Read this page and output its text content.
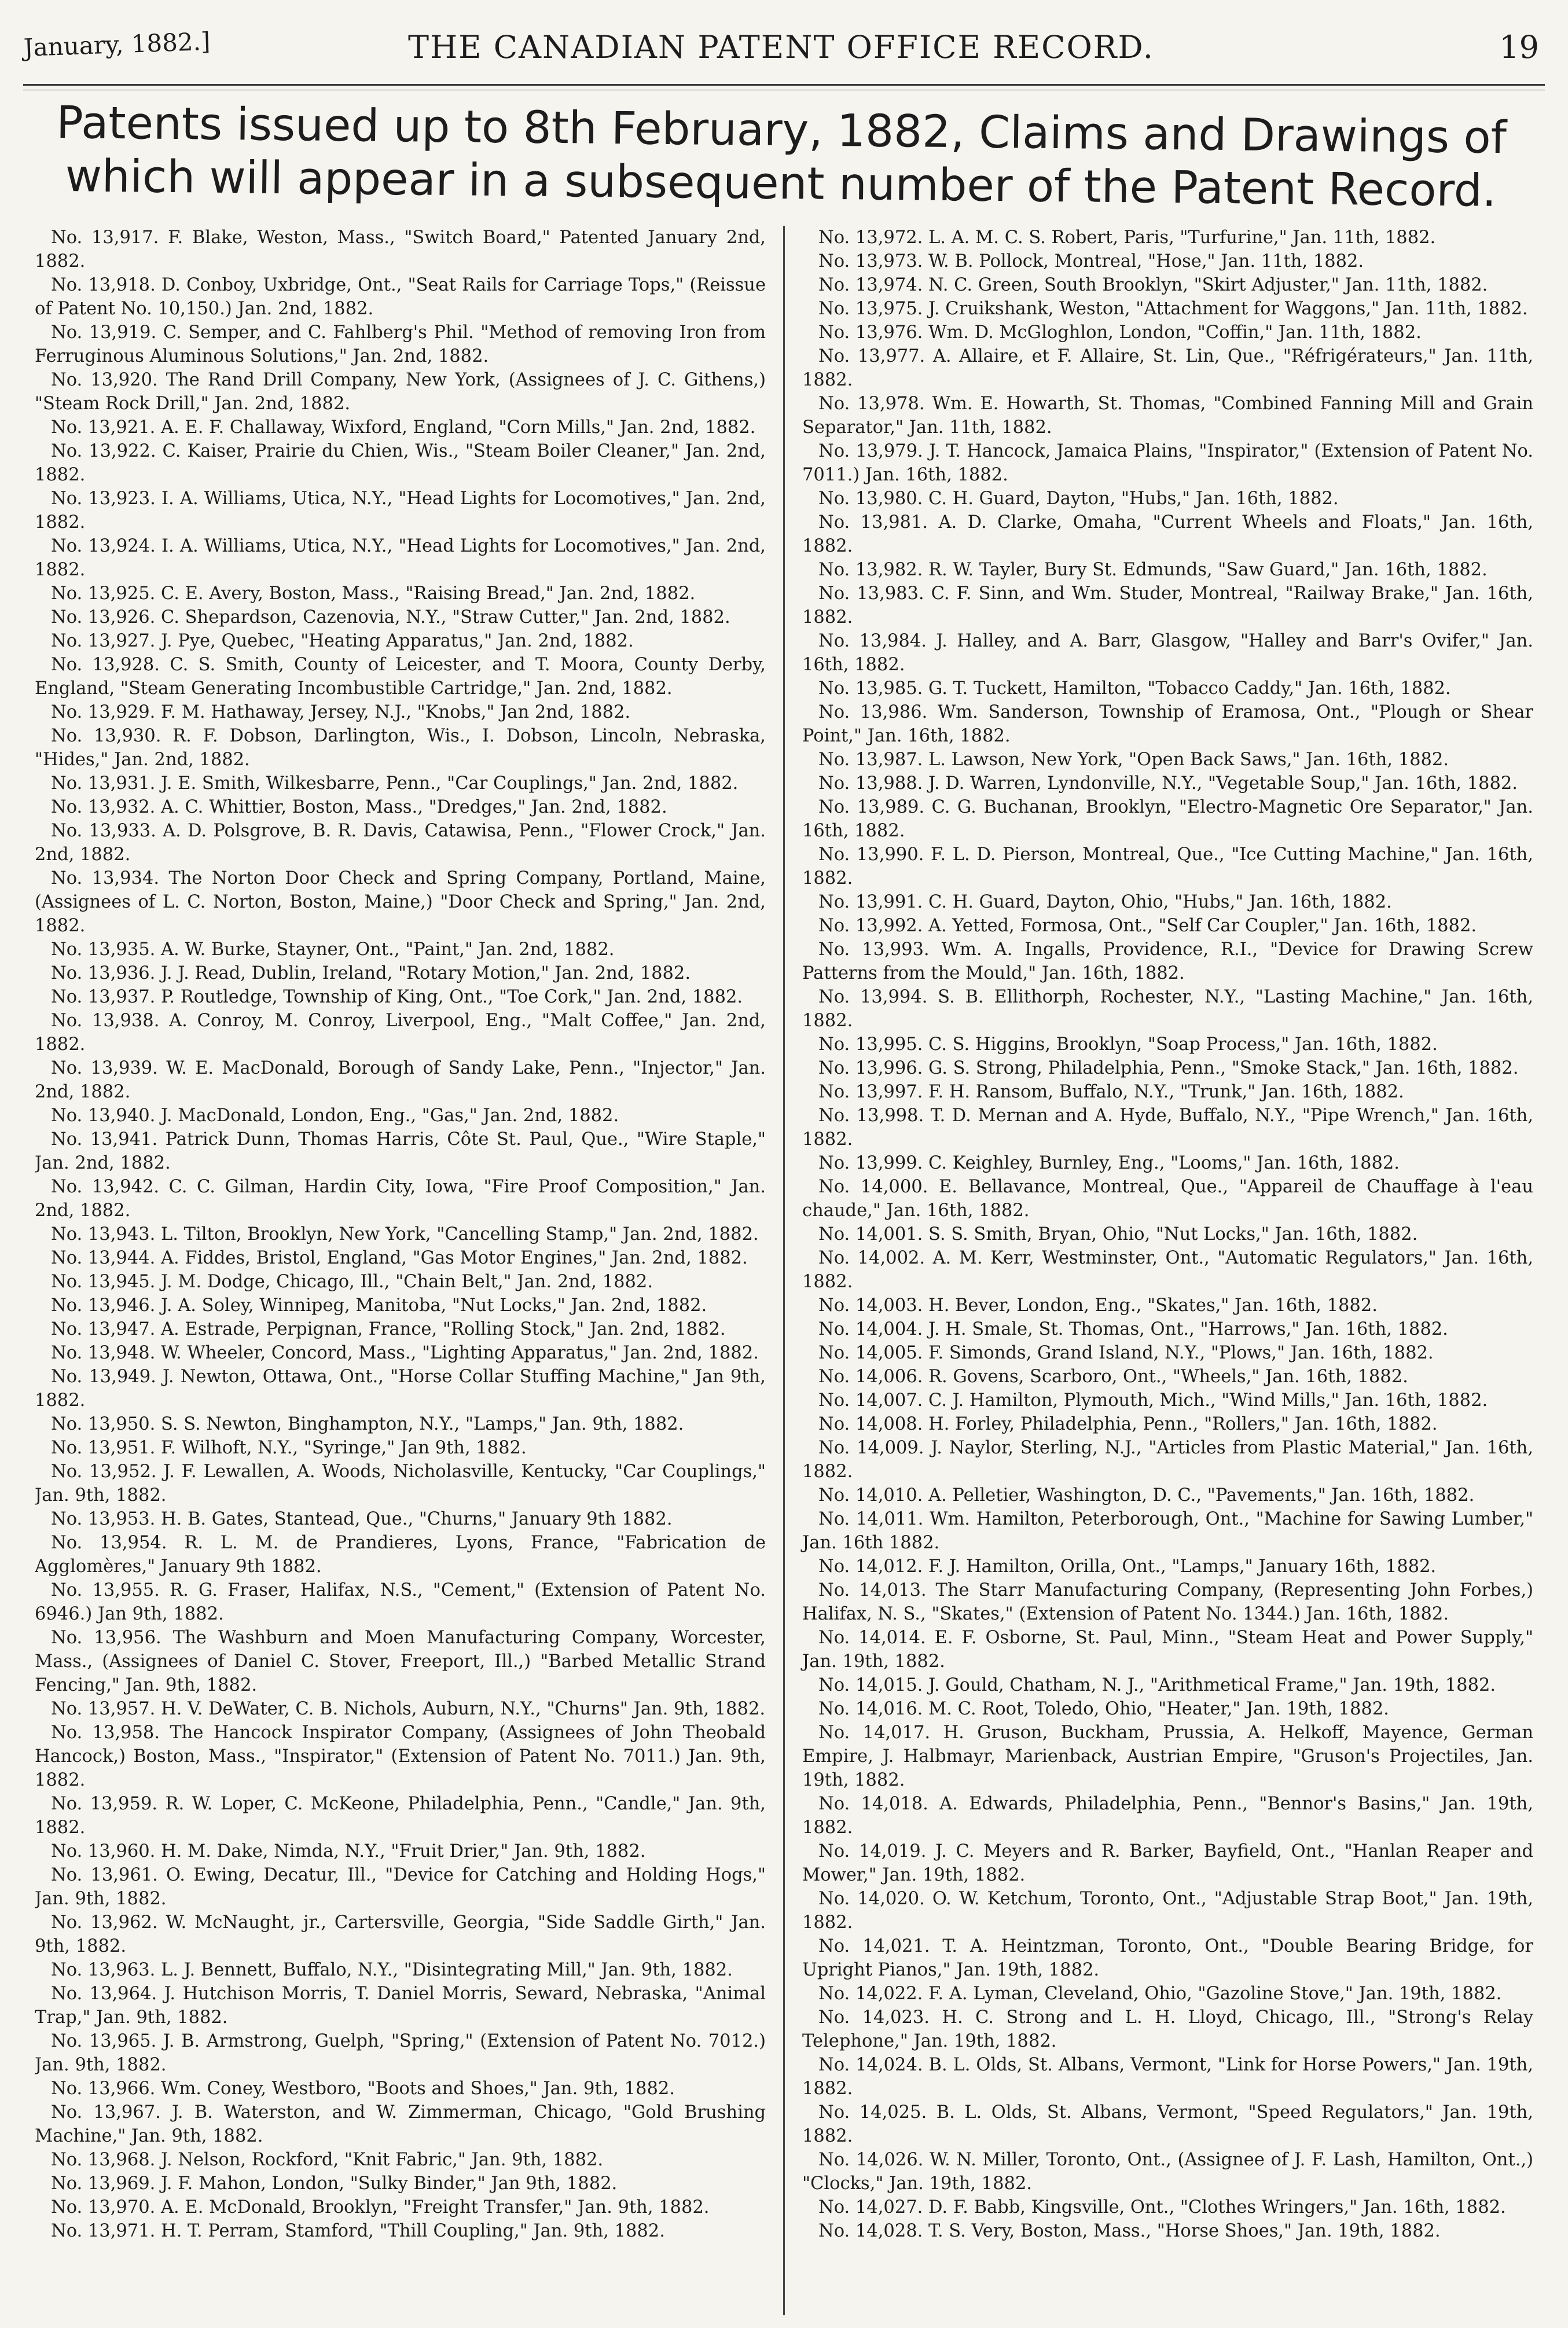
January, 1882.]	THE CANADIAN PATENT OFFICE RECORD.	19
Patents issued up to 8th February, 1882, Claims and Drawings of which will appear in a subsequent number of the Patent Record.

No. 13,917. F. Blake, Weston, Mass., "Switch Board," Patented January 2nd, 1882.

No. 13,918. D. Conboy, Uxbridge, Ont., "Seat Rails for Carriage Tops," (Reissue of Patent No. 10,150.) Jan. 2nd, 1882.

No. 13,919. C. Semper, and C. Fahlberg's Phil. "Method of removing Iron from Ferruginous Aluminous Solutions," Jan. 2nd, 1882.

No. 13,920. The Rand Drill Company, New York, (Assignees of J. C. Githens,) "Steam Rock Drill," Jan. 2nd, 1882.

No. 13,921. A. E. F. Challaway, Wixford, England, "Corn Mills," Jan. 2nd, 1882.

No. 13,922. C. Kaiser, Prairie du Chien, Wis., "Steam Boiler Cleaner," Jan. 2nd, 1882.

No. 13,923. I. A. Williams, Utica, N.Y., "Head Lights for Locomotives," Jan. 2nd, 1882.

No. 13,924. I. A. Williams, Utica, N.Y., "Head Lights for Locomotives," Jan. 2nd, 1882.

No. 13,925. C. E. Avery, Boston, Mass., "Raising Bread," Jan. 2nd, 1882.

No. 13,926. C. Shepardson, Cazenovia, N.Y., "Straw Cutter," Jan. 2nd, 1882.

No. 13,927. J. Pye, Quebec, "Heating Apparatus," Jan. 2nd, 1882.

No. 13,928. C. S. Smith, County of Leicester, and T. Moora, County Derby, England, "Steam Generating Incombustible Cartridge," Jan. 2nd, 1882.

No. 13,929. F. M. Hathaway, Jersey, N.J., "Knobs," Jan 2nd, 1882.

No. 13,930. R. F. Dobson, Darlington, Wis., I. Dobson, Lincoln, Nebraska, "Hides," Jan. 2nd, 1882.

No. 13,931. J. E. Smith, Wilkesbarre, Penn., "Car Couplings," Jan. 2nd, 1882.

No. 13,932. A. C. Whittier, Boston, Mass., "Dredges," Jan. 2nd, 1882.

No. 13,933. A. D. Polsgrove, B. R. Davis, Catawisa, Penn., "Flower Crock," Jan. 2nd, 1882.

No. 13,934. The Norton Door Check and Spring Company, Portland, Maine, (Assignees of L. C. Norton, Boston, Maine,) "Door Check and Spring," Jan. 2nd, 1882.

No. 13,935. A. W. Burke, Stayner, Ont., "Paint," Jan. 2nd, 1882.

No. 13,936. J. J. Read, Dublin, Ireland, "Rotary Motion," Jan. 2nd, 1882.

No. 13,937. P. Routledge, Township of King, Ont., "Toe Cork," Jan. 2nd, 1882.

No. 13,938. A. Conroy, M. Conroy, Liverpool, Eng., "Malt Coffee," Jan. 2nd, 1882.

No. 13,939. W. E. MacDonald, Borough of Sandy Lake, Penn., "Injector," Jan. 2nd, 1882.

No. 13,940. J. MacDonald, London, Eng., "Gas," Jan. 2nd, 1882.

No. 13,941. Patrick Dunn, Thomas Harris, Côte St. Paul, Que., "Wire Staple," Jan. 2nd, 1882.

No. 13,942. C. C. Gilman, Hardin City, Iowa, "Fire Proof Composition," Jan. 2nd, 1882.

No. 13,943. L. Tilton, Brooklyn, New York, "Cancelling Stamp," Jan. 2nd, 1882.

No. 13,944. A. Fiddes, Bristol, England, "Gas Motor Engines," Jan. 2nd, 1882.

No. 13,945. J. M. Dodge, Chicago, Ill., "Chain Belt," Jan. 2nd, 1882.

No. 13,946. J. A. Soley, Winnipeg, Manitoba, "Nut Locks," Jan. 2nd, 1882.

No. 13,947. A. Estrade, Perpignan, France, "Rolling Stock," Jan. 2nd, 1882.

No. 13,948. W. Wheeler, Concord, Mass., "Lighting Apparatus," Jan. 2nd, 1882.

No. 13,949. J. Newton, Ottawa, Ont., "Horse Collar Stuffing Machine," Jan 9th, 1882.

No. 13,950. S. S. Newton, Binghampton, N.Y., "Lamps," Jan. 9th, 1882.

No. 13,951. F. Wilhoft, N.Y., "Syringe," Jan 9th, 1882.

No. 13,952. J. F. Lewallen, A. Woods, Nicholasville, Kentucky, "Car Couplings," Jan. 9th, 1882.

No. 13,953. H. B. Gates, Stantead, Que., "Churns," January 9th 1882.

No. 13,954. R. L. M. de Prandieres, Lyons, France, "Fabrication de Agglomères," January 9th 1882.

No. 13,955. R. G. Fraser, Halifax, N.S., "Cement," (Extension of Patent No. 6946.) Jan 9th, 1882.

No. 13,956. The Washburn and Moen Manufacturing Company, Worcester, Mass., (Assignees of Daniel C. Stover, Freeport, Ill.,) "Barbed Metallic Strand Fencing," Jan. 9th, 1882.

No. 13,957. H. V. DeWater, C. B. Nichols, Auburn, N.Y., "Churns" Jan. 9th, 1882.

No. 13,958. The Hancock Inspirator Company, (Assignees of John Theobald Hancock,) Boston, Mass., "Inspirator," (Extension of Patent No. 7011.) Jan. 9th, 1882.

No. 13,959. R. W. Loper, C. McKeone, Philadelphia, Penn., "Candle," Jan. 9th, 1882.

No. 13,960. H. M. Dake, Nimda, N.Y., "Fruit Drier," Jan. 9th, 1882.

No. 13,961. O. Ewing, Decatur, Ill., "Device for Catching and Holding Hogs," Jan. 9th, 1882.

No. 13,962. W. McNaught, jr., Cartersville, Georgia, "Side Saddle Girth," Jan. 9th, 1882.

No. 13,963. L. J. Bennett, Buffalo, N.Y., "Disintegrating Mill," Jan. 9th, 1882.

No. 13,964. J. Hutchison Morris, T. Daniel Morris, Seward, Nebraska, "Animal Trap," Jan. 9th, 1882.

No. 13,965. J. B. Armstrong, Guelph, "Spring," (Extension of Patent No. 7012.) Jan. 9th, 1882.

No. 13,966. Wm. Coney, Westboro, "Boots and Shoes," Jan. 9th, 1882.

No. 13,967. J. B. Waterston, and W. Zimmerman, Chicago, "Gold Brushing Machine," Jan. 9th, 1882.

No. 13,968. J. Nelson, Rockford, "Knit Fabric," Jan. 9th, 1882.

No. 13,969. J. F. Mahon, London, "Sulky Binder," Jan 9th, 1882.

No. 13,970. A. E. McDonald, Brooklyn, "Freight Transfer," Jan. 9th, 1882.

No. 13,971. H. T. Perram, Stamford, "Thill Coupling," Jan. 9th, 1882.

No. 13,972. L. A. M. C. S. Robert, Paris, "Turfurine," Jan. 11th, 1882.

No. 13,973. W. B. Pollock, Montreal, "Hose," Jan. 11th, 1882.

No. 13,974. N. C. Green, South Brooklyn, "Skirt Adjuster," Jan. 11th, 1882.

No. 13,975. J. Cruikshank, Weston, "Attachment for Waggons," Jan. 11th, 1882.

No. 13,976. Wm. D. McGloghlon, London, "Coffin," Jan. 11th, 1882.

No. 13,977. A. Allaire, et F. Allaire, St. Lin, Que., "Réfrigérateurs," Jan. 11th, 1882.

No. 13,978. Wm. E. Howarth, St. Thomas, "Combined Fanning Mill and Grain Separator," Jan. 11th, 1882.

No. 13,979. J. T. Hancock, Jamaica Plains, "Inspirator," (Extension of Patent No. 7011.) Jan. 16th, 1882.

No. 13,980. C. H. Guard, Dayton, "Hubs," Jan. 16th, 1882.

No. 13,981. A. D. Clarke, Omaha, "Current Wheels and Floats," Jan. 16th, 1882.

No. 13,982. R. W. Tayler, Bury St. Edmunds, "Saw Guard," Jan. 16th, 1882.

No. 13,983. C. F. Sinn, and Wm. Studer, Montreal, "Railway Brake," Jan. 16th, 1882.

No. 13,984. J. Halley, and A. Barr, Glasgow, "Halley and Barr's Ovifer," Jan. 16th, 1882.

No. 13,985. G. T. Tuckett, Hamilton, "Tobacco Caddy," Jan. 16th, 1882.

No. 13,986. Wm. Sanderson, Township of Eramosa, Ont., "Plough or Shear Point," Jan. 16th, 1882.

No. 13,987. L. Lawson, New York, "Open Back Saws," Jan. 16th, 1882.

No. 13,988. J. D. Warren, Lyndonville, N.Y., "Vegetable Soup," Jan. 16th, 1882.

No. 13,989. C. G. Buchanan, Brooklyn, "Electro-Magnetic Ore Separator," Jan. 16th, 1882.

No. 13,990. F. L. D. Pierson, Montreal, Que., "Ice Cutting Machine," Jan. 16th, 1882.

No. 13,991. C. H. Guard, Dayton, Ohio, "Hubs," Jan. 16th, 1882.

No. 13,992. A. Yetted, Formosa, Ont., "Self Car Coupler," Jan. 16th, 1882.

No. 13,993. Wm. A. Ingalls, Providence, R.I., "Device for Drawing Screw Patterns from the Mould," Jan. 16th, 1882.

No. 13,994. S. B. Ellithorph, Rochester, N.Y., "Lasting Machine," Jan. 16th, 1882.

No. 13,995. C. S. Higgins, Brooklyn, "Soap Process," Jan. 16th, 1882.

No. 13,996. G. S. Strong, Philadelphia, Penn., "Smoke Stack," Jan. 16th, 1882.

No. 13,997. F. H. Ransom, Buffalo, N.Y., "Trunk," Jan. 16th, 1882.

No. 13,998. T. D. Mernan and A. Hyde, Buffalo, N.Y., "Pipe Wrench," Jan. 16th, 1882.

No. 13,999. C. Keighley, Burnley, Eng., "Looms," Jan. 16th, 1882.

No. 14,000. E. Bellavance, Montreal, Que., "Appareil de Chauffage à l'eau chaude," Jan. 16th, 1882.

No. 14,001. S. S. Smith, Bryan, Ohio, "Nut Locks," Jan. 16th, 1882.

No. 14,002. A. M. Kerr, Westminster, Ont., "Automatic Regulators," Jan. 16th, 1882.

No. 14,003. H. Bever, London, Eng., "Skates," Jan. 16th, 1882.

No. 14,004. J. H. Smale, St. Thomas, Ont., "Harrows," Jan. 16th, 1882.

No. 14,005. F. Simonds, Grand Island, N.Y., "Plows," Jan. 16th, 1882.

No. 14,006. R. Govens, Scarboro, Ont., "Wheels," Jan. 16th, 1882.

No. 14,007. C. J. Hamilton, Plymouth, Mich., "Wind Mills," Jan. 16th, 1882.

No. 14,008. H. Forley, Philadelphia, Penn., "Rollers," Jan. 16th, 1882.

No. 14,009. J. Naylor, Sterling, N.J., "Articles from Plastic Material," Jan. 16th, 1882.

No. 14,010. A. Pelletier, Washington, D. C., "Pavements," Jan. 16th, 1882.

No. 14,011. Wm. Hamilton, Peterborough, Ont., "Machine for Sawing Lumber," Jan. 16th 1882.

No. 14,012. F. J. Hamilton, Orilla, Ont., "Lamps," January 16th, 1882.

No. 14,013. The Starr Manufacturing Company, (Representing John Forbes,) Halifax, N. S., "Skates," (Extension of Patent No. 1344.) Jan. 16th, 1882.

No. 14,014. E. F. Osborne, St. Paul, Minn., "Steam Heat and Power Supply," Jan. 19th, 1882.

No. 14,015. J. Gould, Chatham, N. J., "Arithmetical Frame," Jan. 19th, 1882.

No. 14,016. M. C. Root, Toledo, Ohio, "Heater," Jan. 19th, 1882.

No. 14,017. H. Gruson, Buckham, Prussia, A. Helkoff, Mayence, German Empire, J. Halbmayr, Marienback, Austrian Empire, "Gruson's Projectiles, Jan. 19th, 1882.

No. 14,018. A. Edwards, Philadelphia, Penn., "Bennor's Basins," Jan. 19th, 1882.

No. 14,019. J. C. Meyers and R. Barker, Bayfield, Ont., "Hanlan Reaper and Mower," Jan. 19th, 1882.

No. 14,020. O. W. Ketchum, Toronto, Ont., "Adjustable Strap Boot," Jan. 19th, 1882.

No. 14,021. T. A. Heintzman, Toronto, Ont., "Double Bearing Bridge, for Upright Pianos," Jan. 19th, 1882.

No. 14,022. F. A. Lyman, Cleveland, Ohio, "Gazoline Stove," Jan. 19th, 1882.

No. 14,023. H. C. Strong and L. H. Lloyd, Chicago, Ill., "Strong's Relay Telephone," Jan. 19th, 1882.

No. 14,024. B. L. Olds, St. Albans, Vermont, "Link for Horse Powers," Jan. 19th, 1882.

No. 14,025. B. L. Olds, St. Albans, Vermont, "Speed Regulators," Jan. 19th, 1882.

No. 14,026. W. N. Miller, Toronto, Ont., (Assignee of J. F. Lash, Hamilton, Ont.,) "Clocks," Jan. 19th, 1882.

No. 14,027. D. F. Babb, Kingsville, Ont., "Clothes Wringers," Jan. 16th, 1882.

No. 14,028. T. S. Very, Boston, Mass., "Horse Shoes," Jan. 19th, 1882.
